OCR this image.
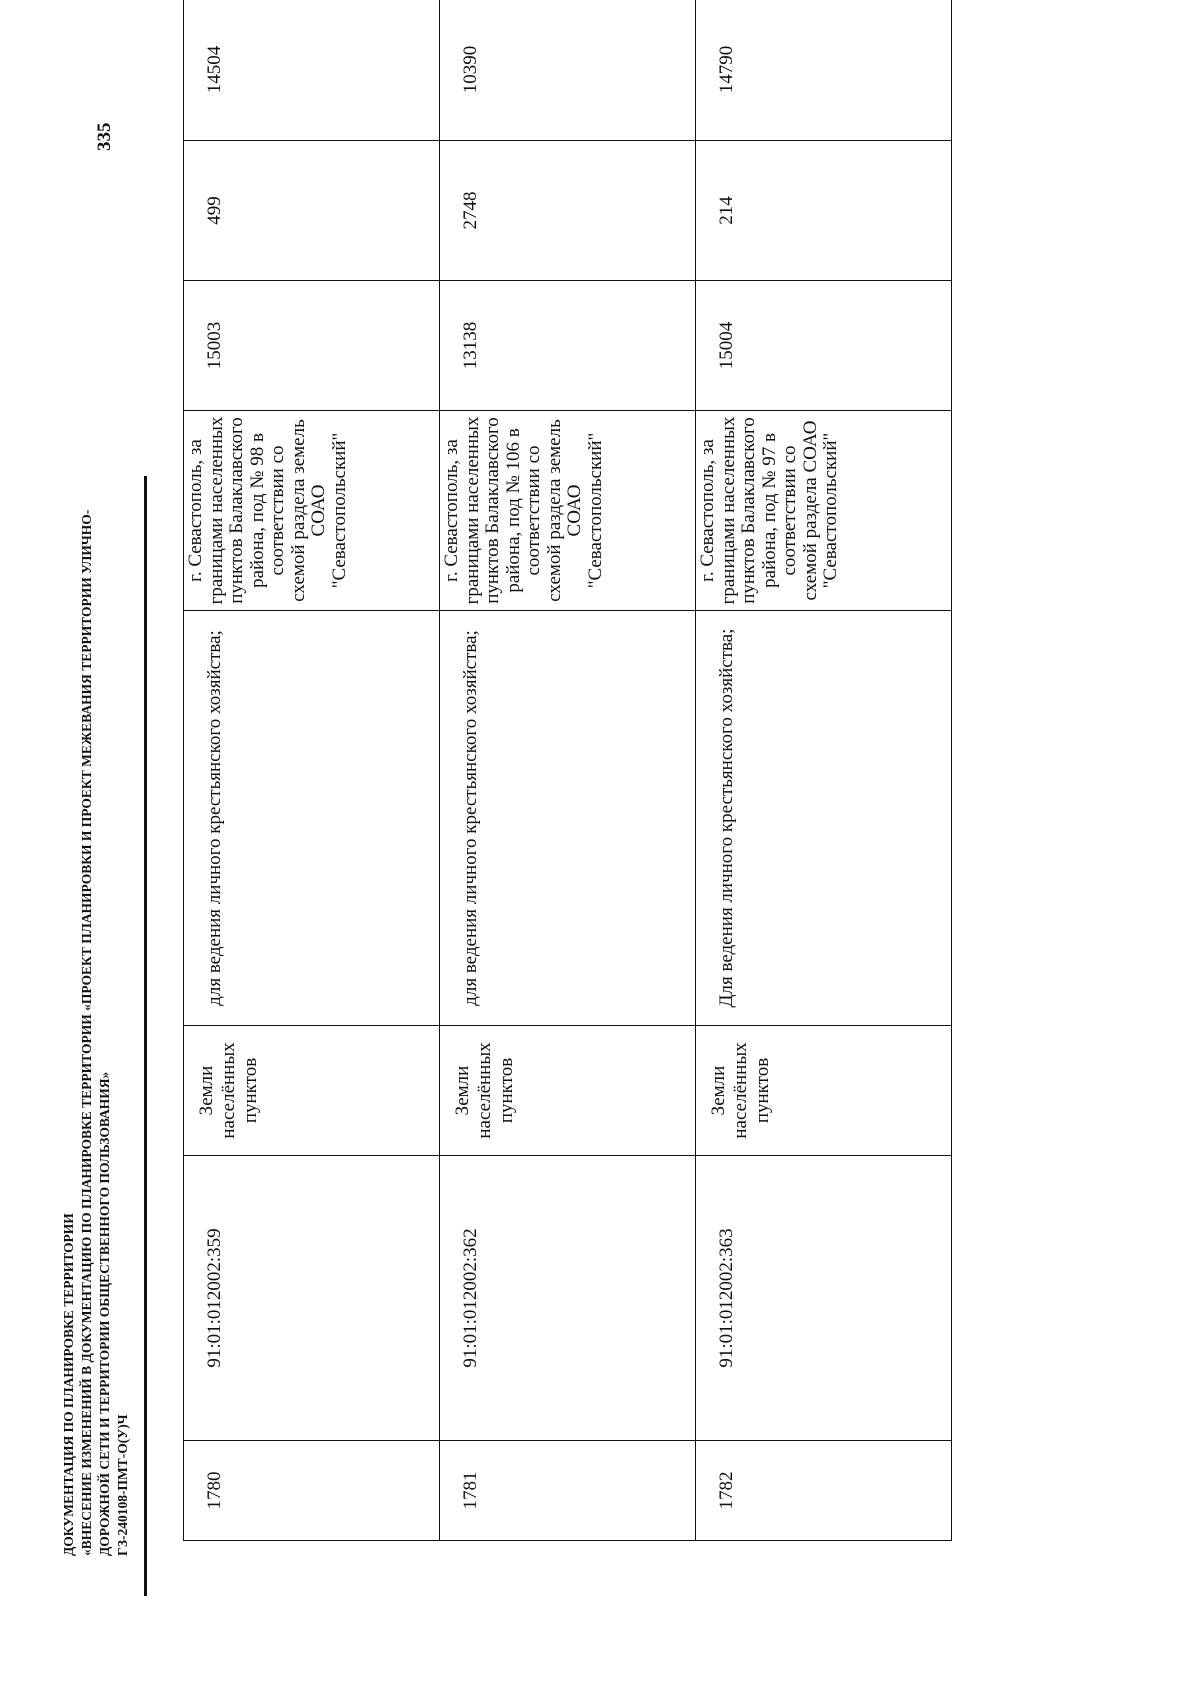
ДОКУМЕНТАЦИЯ ПО ПЛАНИРОВКЕ ТЕРРИТОРИИ «ВНЕСЕНИЕ ИЗМЕНЕНИЙ В ДОКУМЕНТАЦИЮ ПО ПЛАНИРОВКЕ ТЕРРИТОРИИ «ПРОЕКТ ПЛАНИРОВКИ И ПРОЕКТ МЕЖЕВАНИЯ ТЕРРИТОРИИ УЛИЧНО- ДОРОЖНОЙ СЕТИ И ТЕРРИТОРИИ ОБЩЕСТВЕННОГО ПОЛЬЗОВАНИЯ» ГЗ-240108-ПМТ-О(У)Ч
335
1780	91:01:012002:359	Земли населённых пунктов	для ведения личного крестьянского хозяйства;	г. Севастополь, за границами населенных пунктов Балаклавского района, под № 98 в соответствии со схемой раздела земель СОАО "Севастопольский"	15003	499	14504
1781	91:01:012002:362	Земли населённых пунктов	для ведения личного крестьянского хозяйства;	г. Севастополь, за границами населенных пунктов Балаклавского района, под № 106 в соответствии со схемой раздела земель СОАО "Севастопольский"	13138	2748	10390
1782	91:01:012002:363	Земли населённых пунктов	Для ведения личного крестьянского хозяйства;	г. Севастополь, за границами населенных пунктов Балаклавского района, под № 97 в соответствии со схемой раздела СОАО "Севастопольский"	15004	214	14790
